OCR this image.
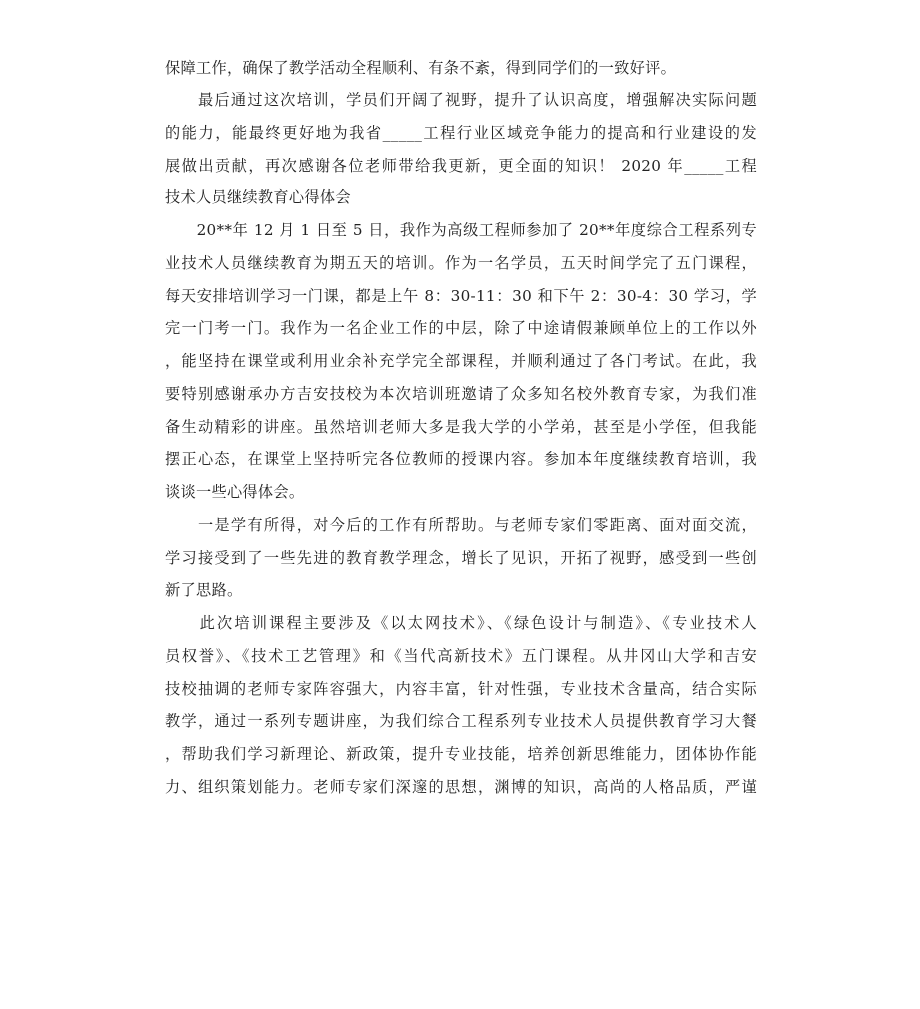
保障工作，确保了教学活动全程顺利、有条不紊，得到同学们的一致好评。
　　最后通过这次培训，学员们开阔了视野，提升了认识高度，增强解决实际问题
的能力，能最终更好地为我省_____工程行业区域竞争能力的提高和行业建设的发
展做出贡献，再次感谢各位老师带给我更新，更全面的知识！ 2020 年_____工程
技术人员继续教育心得体会
　　20**年 12 月 1 日至 5 日，我作为高级工程师参加了 20**年度综合工程系列专
业技术人员继续教育为期五天的培训。作为一名学员，五天时间学完了五门课程，
每天安排培训学习一门课，都是上午 8：30-11：30 和下午 2：30-4：30 学习，学
完一门考一门。我作为一名企业工作的中层，除了中途请假兼顾单位上的工作以外
，能坚持在课堂或利用业余补充学完全部课程，并顺利通过了各门考试。在此，我
要特别感谢承办方吉安技校为本次培训班邀请了众多知名校外教育专家，为我们准
备生动精彩的讲座。虽然培训老师大多是我大学的小学弟，甚至是小学侄，但我能
摆正心态，在课堂上坚持听完各位教师的授课内容。参加本年度继续教育培训，我
谈谈一些心得体会。
　　一是学有所得，对今后的工作有所帮助。与老师专家们零距离、面对面交流，
学习接受到了一些先进的教育教学理念，增长了见识，开拓了视野，感受到一些创
新了思路。
　　此次培训课程主要涉及《以太网技术》、《绿色设计与制造》、《专业技术人
员权誉》、《技术工艺管理》和《当代高新技术》五门课程。从井冈山大学和吉安
技校抽调的老师专家阵容强大，内容丰富，针对性强，专业技术含量高，结合实际
教学，通过一系列专题讲座，为我们综合工程系列专业技术人员提供教育学习大餐
，帮助我们学习新理论、新政策，提升专业技能，培养创新思维能力，团体协作能
力、组织策划能力。老师专家们深邃的思想，渊博的知识，高尚的人格品质，严谨
